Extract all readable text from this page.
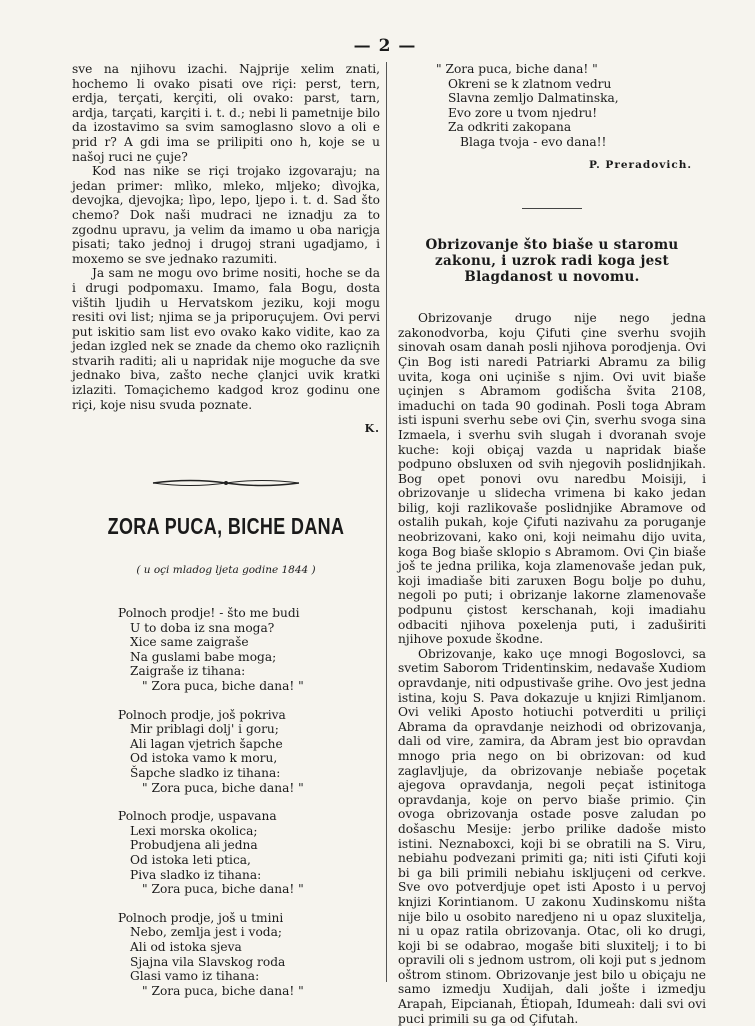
— 2 —

sve na njihovu izachi. Najprije xelim znati, hochemo li ovako pisati ove riçi: perst, tern, erdja, terçati, kerçiti, oli ovako: parst, tarn, ardja, tarçati, karçiti i. t. d.; nebi li pametnije bilo da izostavimo sa svim samoglasno slovo a oli e prid r? A gdi ima se prilipiti ono h, koje se u našoj ruci ne çuje?

Kod nas nike se riçi trojako izgovaraju; na jedan primer: mlìko, mleko, mljeko; dìvojka, devojka, djevojka; lìpo, lepo, ljepo i. t. d. Sad što chemo? Dok naši mudraci ne iznadju za to zgodnu upravu, ja velim da imamo u oba nariçja pisati; tako jednoj i drugoj strani ugadjamo, i moxemo se sve jednako razumiti.

Ja sam ne mogu ovo brime nositi, hoche se da i drugi podpomaxu. Imamo, fala Bogu, dosta vištih ljudih u Hervatskom jeziku, koji mogu resiti ovi list; njima se ja priporuçujem. Ovi pervi put iskitio sam list evo ovako kako vidite, kao za jedan izgled nek se znade da chemo oko razliçnih stvarih raditi; ali u napridak nije moguche da sve jednako biva, zašto neche çlanjci uvik kratki izlaziti. Tomaçichemo kadgod kroz godinu one riçi, koje nisu svuda poznate.

K.
ZORA PUCA, BICHE DANA
( u oçi mladog ljeta godine 1844 )
Polnoch prodje! - što me budi
U to doba iz sna moga?
Xice same zaigraše
Na guslami babe moga;
Zaigraše iz tihana:
" Zora puca, biche dana! "
Polnoch prodje, još pokriva
Mir priblagi dolj' i goru;
Ali lagan vjetrich šapche
Od istoka vamo k moru,
Šapche sladko iz tihana:
" Zora puca, biche dana! "
Polnoch prodje, uspavana
Lexi morska okolica;
Probudjena ali jedna
Od istoka leti ptica,
Piva sladko iz tihana:
" Zora puca, biche dana! "
Polnoch prodje, još u tmini
Nebo, zemlja jest i voda;
Ali od istoka sjeva
Sjajna vila Slavskog roda
Glasi vamo iz tihana:
" Zora puca, biche dana! "
" Zora puca, biche dana! "
Okreni se k zlatnom vedru
Slavna zemljo Dalmatinska,
Evo zore u tvom njedru!
Za odkriti zakopana
Blaga tvoja - evo dana!!
P. Preradovich.
Obrizovanje što biaše u staromu zakonu, i uzrok radi koga jest Blagdanost u novomu.

Obrizovanje drugo nije nego jedna zakonodvorba, koju Çifuti çine sverhu svojih sinovah osam danah posli njihova porodjenja. Ovi Çin Bog isti naredi Patriarki Abramu za bilig uvita, koga oni uçiniše s njim. Ovi uvit biaše uçinjen s Abramom godišcha švita 2108, imaduchi on tada 90 godinah. Posli toga Abram isti ispuni sverhu sebe ovi Çin, sverhu svoga sina Izmaela, i sverhu svih slugah i dvoranah svoje kuche: koji obiçaj vazda u napridak biaše podpuno obsluxen od svih njegovih poslidnjikah. Bog opet ponovi ovu naredbu Moisiji, i obrizovanje u slidecha vrimena bi kako jedan bilig, koji razlikovaše poslidnjike Abramove od ostalih pukah, koje Çifuti nazivahu za poruganje neobrizovani, kako oni, koji neimahu dijo uvita, koga Bog biaše sklopio s Abramom. Ovi Çin biaše još te jedna prilika, koja zlamenovaše jedan puk, koji imadiaše biti zaruxen Bogu bolje po duhu, negoli po puti; i obrizanje lakornе zlamenovaše podpunu çistost kerschanah, koji imadiahu odbaciti njihova poxelenja puti, i zaduširiti njihove poxude škodne.

Obrizovanje, kako uçe mnogi Bogoslovci, sa svetim Saborom Tridentinskim, nedavaše Xudiom opravdanje, niti odpustivaše grihe. Ovo jest jedna istina, koju S. Pava dokazuje u knjizi Rimljanom. Ovi veliki Aposto hotiuchi potverditi u priliçi Abrama da opravdanje neizhodi od obrizovanja, dali od vire, zamira, da Abram jest bio opravdan mnogo pria nego on bi obrizovan: od kud zaglavljuje, da obrizovanje nebiaše poçetak ajegova opravdanja, negoli peçat istinitoga opravdanja, koje on pervo biaše primio. Çin ovoga obrizovanja ostade posve zaludan po došaschu Mesije: jerbo prilike dadoše misto istini. Neznaboxci, koji bi se obratili na S. Viru, nebiahu podvezani primiti ga; niti isti Çifuti koji bi ga bili primili nebiahu iskljuçeni od cerkve. Sve ovo potverdjuje opet isti Aposto i u pervoj knjizi Korintianom. U zakonu Xudinskomu ništa nije bilo u osobito naredjeno ni u opaz sluxitelja, ni u opaz ratila obrizovanja. Otac, oli ko drugi, koji bi se odabrao, mogaše biti sluxitelj; i to bi opravili oli s jednom ustrom, oli koji put s jednom oštrom stinom. Obrizovanje jest bilo u obiçaju ne samo izmedju Xudijah, dali jošte i izmedju Arapah, Eipcianah, Étiopah, Idumeah: dali svi ovi puci primili su ga od Çifutah.
